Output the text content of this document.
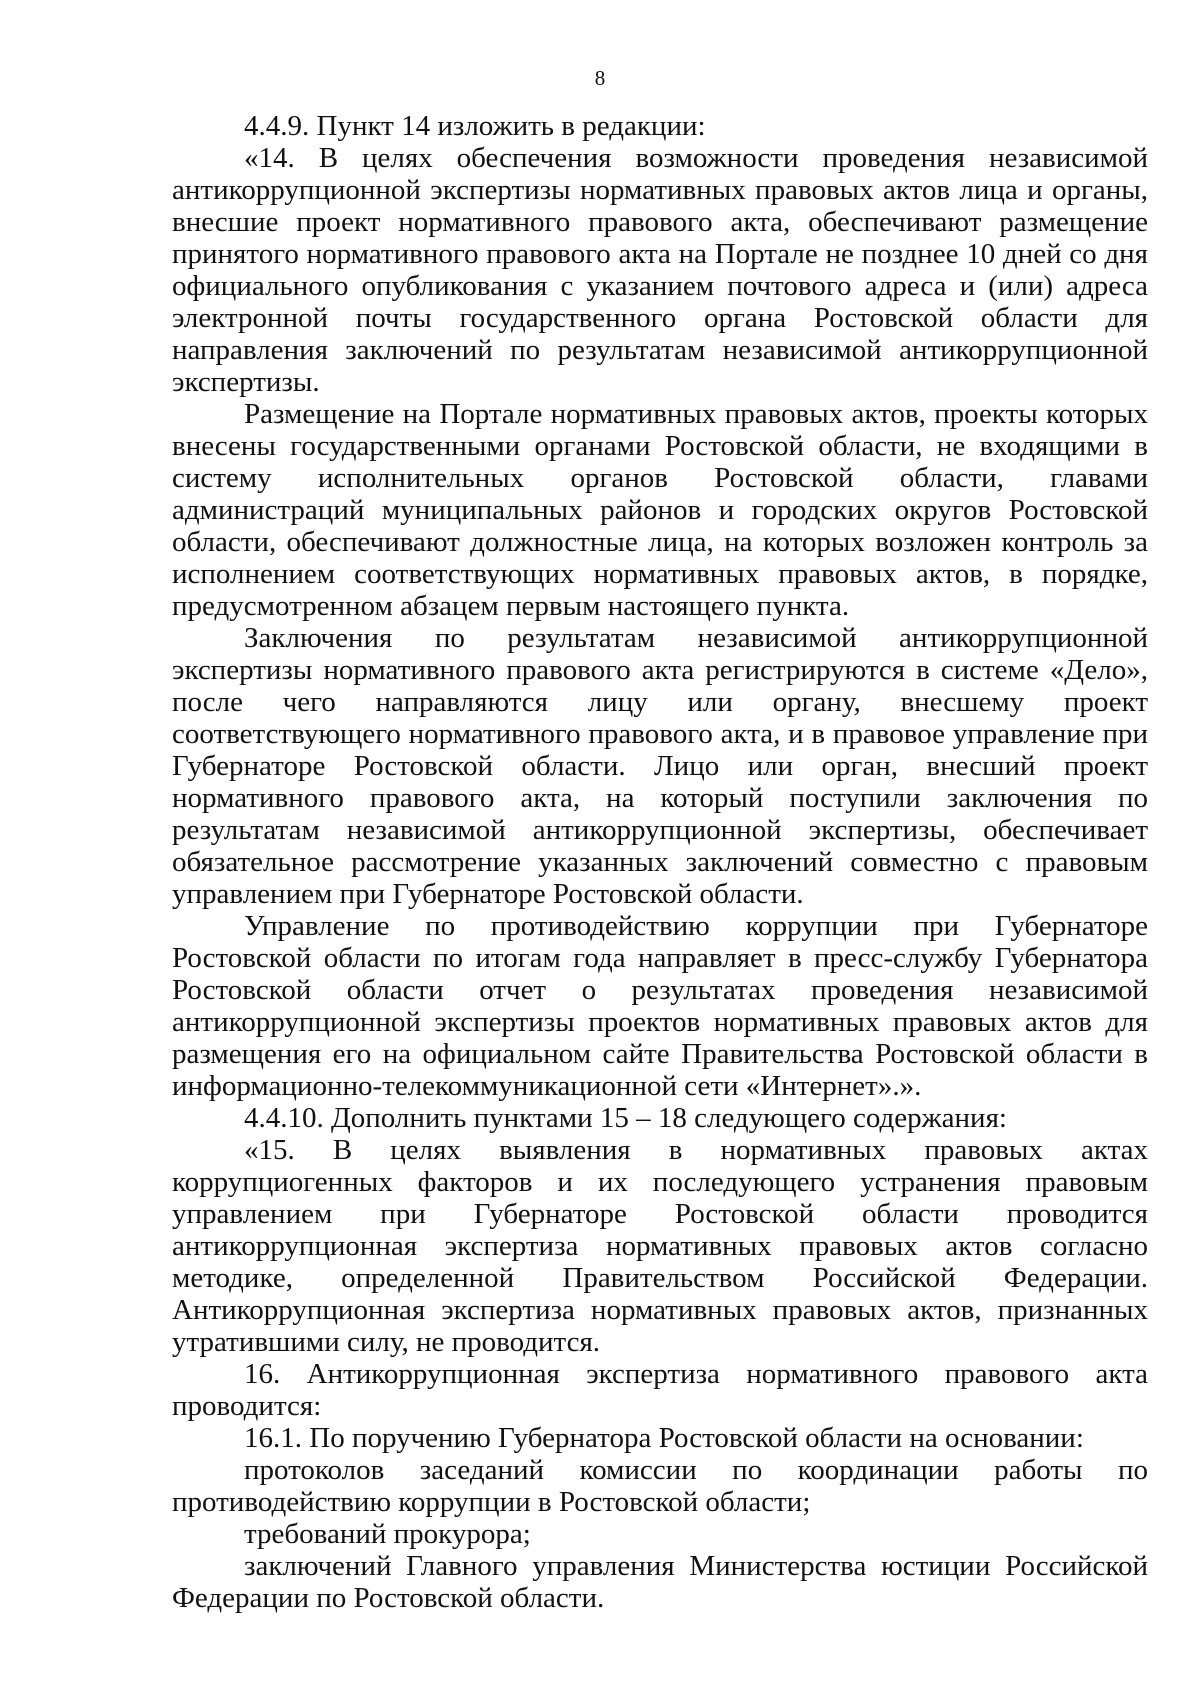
8

4.4.9. Пункт 14 изложить в редакции:

«14. В целях обеспечения возможности проведения независимой антикоррупционной экспертизы нормативных правовых актов лица и органы, внесшие проект нормативного правового акта, обеспечивают размещение принятого нормативного правового акта на Портале не позднее 10 дней со дня официального опубликования с указанием почтового адреса и (или) адреса электронной почты государственного органа Ростовской области для направления заключений по результатам независимой антикоррупционной экспертизы.

Размещение на Портале нормативных правовых актов, проекты которых внесены государственными органами Ростовской области, не входящими в систему исполнительных органов Ростовской области, главами администраций муниципальных районов и городских округов Ростовской области, обеспечивают должностные лица, на которых возложен контроль за исполнением соответствующих нормативных правовых актов, в порядке, предусмотренном абзацем первым настоящего пункта.

Заключения по результатам независимой антикоррупционной экспертизы нормативного правового акта регистрируются в системе «Дело», после чего направляются лицу или органу, внесшему проект соответствующего нормативного правового акта, и в правовое управление при Губернаторе Ростовской области. Лицо или орган, внесший проект нормативного правового акта, на который поступили заключения по результатам независимой антикоррупционной экспертизы, обеспечивает обязательное рассмотрение указанных заключений совместно с правовым управлением при Губернаторе Ростовской области.

Управление по противодействию коррупции при Губернаторе Ростовской области по итогам года направляет в пресс-службу Губернатора Ростовской области отчет о результатах проведения независимой антикоррупционной экспертизы проектов нормативных правовых актов для размещения его на официальном сайте Правительства Ростовской области в информационно-телекоммуникационной сети «Интернет».».

4.4.10. Дополнить пунктами 15 – 18 следующего содержания:

«15. В целях выявления в нормативных правовых актах коррупциогенных факторов и их последующего устранения правовым управлением при Губернаторе Ростовской области проводится антикоррупционная экспертиза нормативных правовых актов согласно методике, определенной Правительством Российской Федерации. Антикоррупционная экспертиза нормативных правовых актов, признанных утратившими силу, не проводится.

16. Антикоррупционная экспертиза нормативного правового акта проводится:

16.1. По поручению Губернатора Ростовской области на основании:

протоколов заседаний комиссии по координации работы по противодействию коррупции в Ростовской области;

требований прокурора;

заключений Главного управления Министерства юстиции Российской Федерации по Ростовской области.
